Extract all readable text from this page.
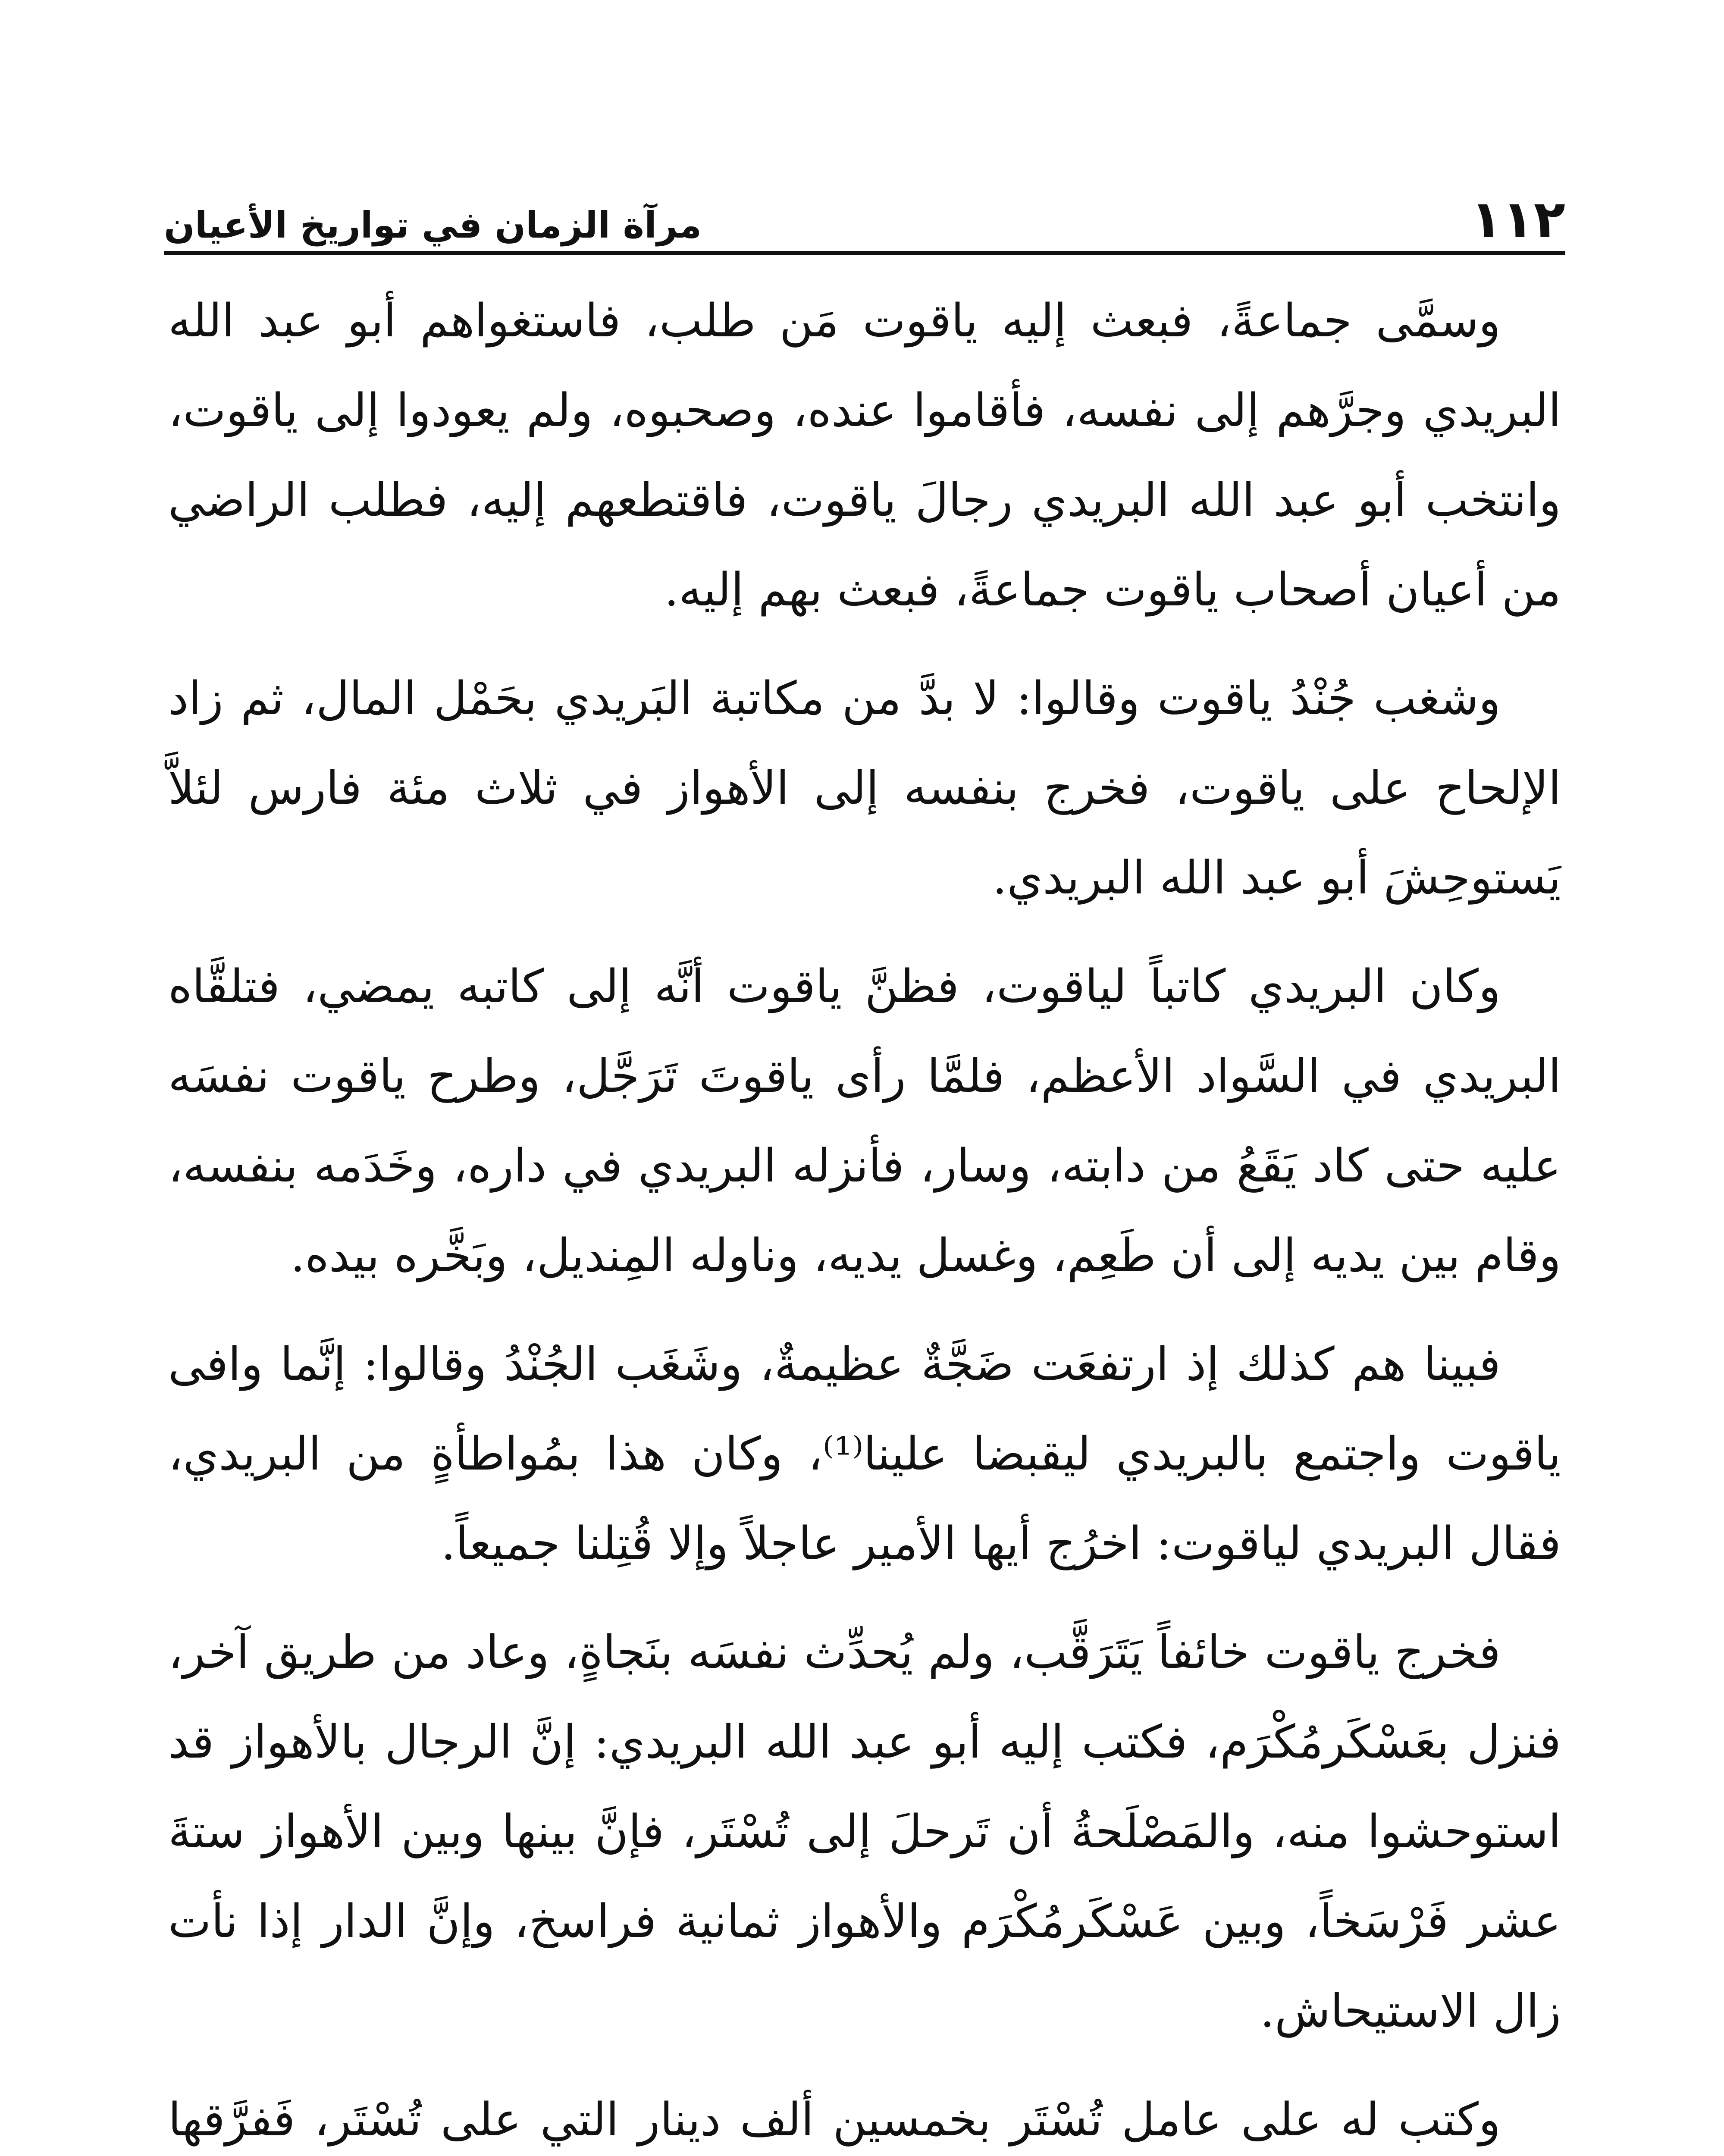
١١٢
مرآة الزمان في تواريخ الأعيان

وسمَّى جماعةً، فبعث إليه ياقوت مَن طلب، فاستغواهم أبو عبد الله البريدي وجرَّهم إلى نفسه، فأقاموا عنده، وصحبوه، ولم يعودوا إلى ياقوت، وانتخب أبو عبد الله البريدي رجالَ ياقوت، فاقتطعهم إليه، فطلب الراضي من أعيان أصحاب ياقوت جماعةً، فبعث بهم إليه.

وشغب جُنْدُ ياقوت وقالوا: لا بدَّ من مكاتبة البَريدي بحَمْل المال، ثم زاد الإلحاح على ياقوت، فخرج بنفسه إلى الأهواز في ثلاث مئة فارس لئلاَّ يَستوحِشَ أبو عبد الله البريدي.

وكان البريدي كاتباً لياقوت، فظنَّ ياقوت أنَّه إلى كاتبه يمضي، فتلقَّاه البريدي في السَّواد الأعظم، فلمَّا رأى ياقوتَ تَرَجَّل، وطرح ياقوت نفسَه عليه حتى كاد يَقَعُ من دابته، وسار، فأنزله البريدي في داره، وخَدَمه بنفسه، وقام بين يديه إلى أن طَعِم، وغسل يديه، وناوله المِنديل، وبَخَّره بيده.

فبينا هم كذلك إذ ارتفعَت ضَجَّةٌ عظيمةٌ، وشَغَب الجُنْدُ وقالوا: إنَّما وافى ياقوت واجتمع بالبريدي ليقبضا علينا⁽¹⁾، وكان هذا بمُواطأةٍ من البريدي، فقال البريدي لياقوت: اخرُج أيها الأمير عاجلاً وإلا قُتِلنا جميعاً.

فخرج ياقوت خائفاً يَتَرَقَّب، ولم يُحدِّث نفسَه بنَجاةٍ، وعاد من طريق آخر، فنزل بعَسْكَرمُكْرَم، فكتب إليه أبو عبد الله البريدي: إنَّ الرجال بالأهواز قد استوحشوا منه، والمَصْلَحةُ أن تَرحلَ إلى تُسْتَر، فإنَّ بينها وبين الأهواز ستةَ عشر فَرْسَخاً، وبين عَسْكَرمُكْرَم والأهواز ثمانية فراسخ، وإنَّ الدار إذا نأت زال الاستيحاش.

وكتب له على عامل تُسْتَر بخمسين ألف دينار التي على تُسْتَر، فَفرَّقها
